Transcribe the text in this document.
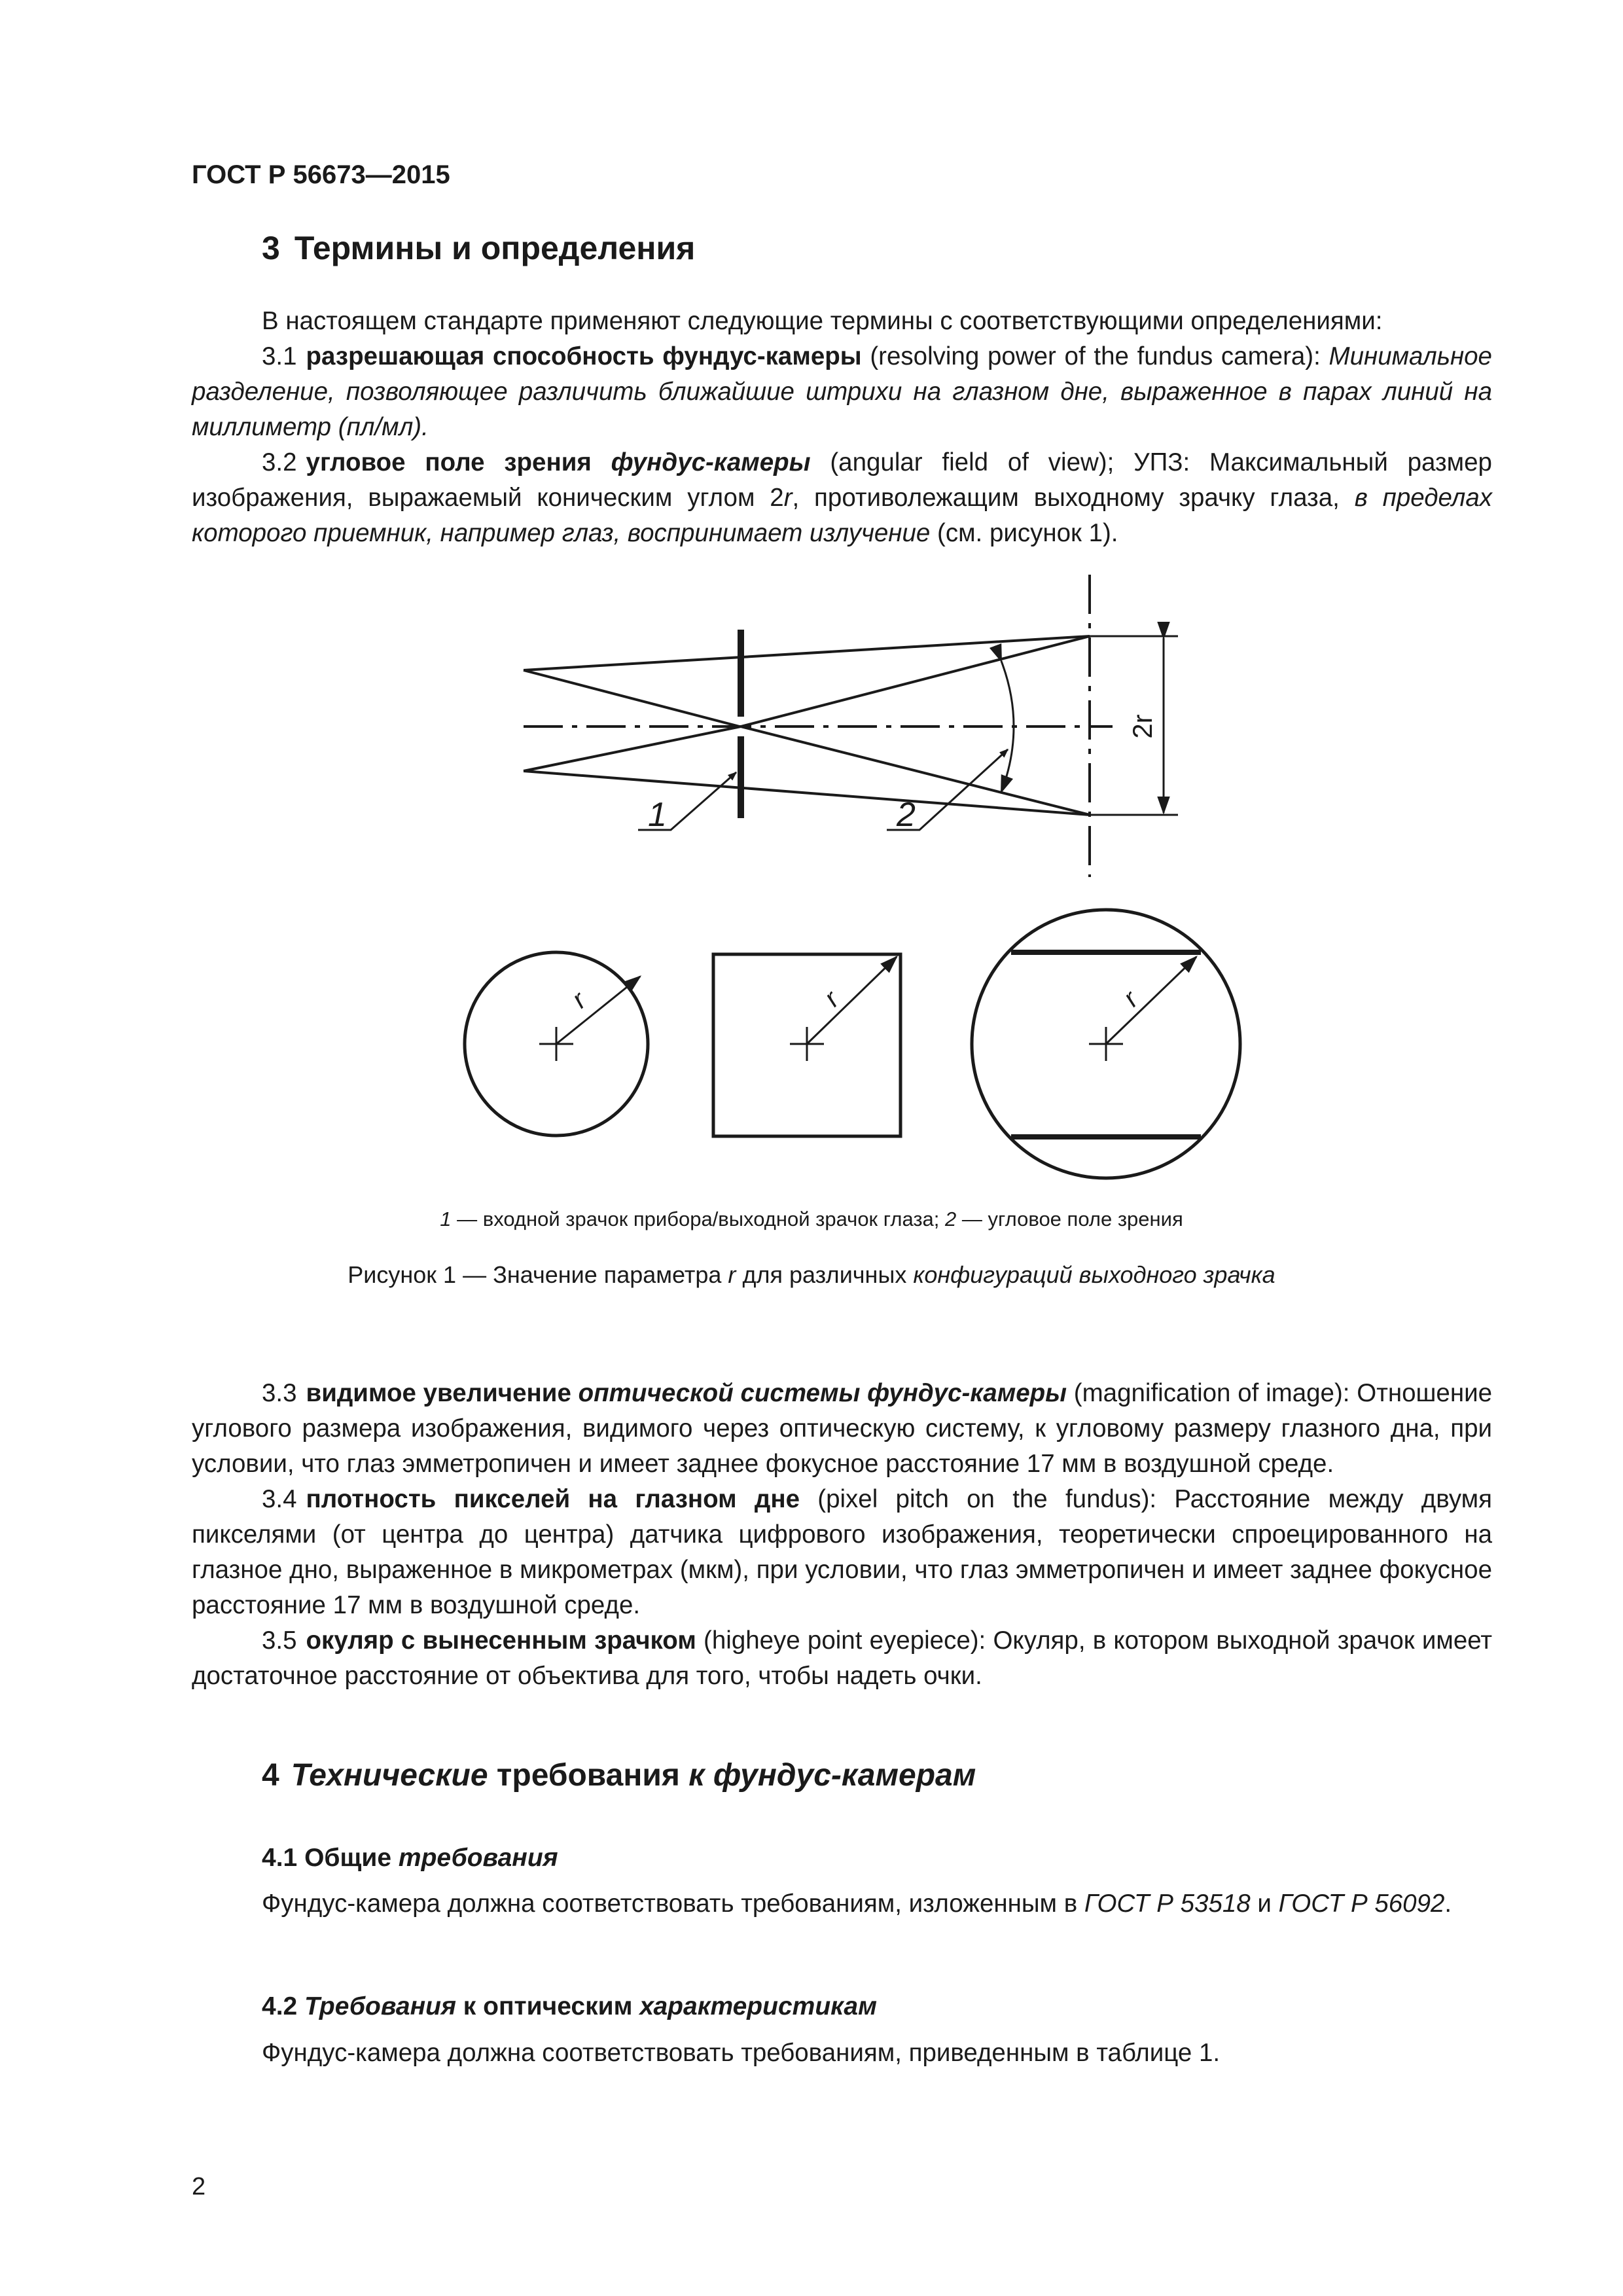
ГОСТ Р 56673—2015
3 Термины и определения

В настоящем стандарте применяют следующие термины с соответствующими определениями:

3.1 разрешающая способность фундус-камеры (resolving power of the fundus camera): Минимальное разделение, позволяющее различить ближайшие штрихи на глазном дне, выраженное в парах линий на миллиметр (пл/мл).

3.2 угловое поле зрения фундус-камеры (angular field of view); УПЗ: Максимальный размер изображения, выражаемый коническим углом 2r, противолежащим выходному зрачку глаза, в пределах которого приемник, например глаз, воспринимает излучение (см. рисунок 1).

1	2
2r
r	r	r
1 — входной зрачок прибора/выходной зрачок глаза; 2 — угловое поле зрения
Рисунок 1 — Значение параметра r для различных конфигураций выходного зрачка

3.3 видимое увеличение оптической системы фундус-камеры (magnification of image): Отношение углового размера изображения, видимого через оптическую систему, к угловому размеру глазного дна, при условии, что глаз эмметропичен и имеет заднее фокусное расстояние 17 мм в воздушной среде.

3.4 плотность пикселей на глазном дне (pixel pitch on the fundus): Расстояние между двумя пикселями (от центра до центра) датчика цифрового изображения, теоретически спроецированного на глазное дно, выраженное в микрометрах (мкм), при условии, что глаз эмметропичен и имеет заднее фокусное расстояние 17 мм в воздушной среде.

3.5 окуляр с вынесенным зрачком (higheye point eyepiece): Окуляр, в котором выходной зрачок имеет достаточное расстояние от объектива для того, чтобы надеть очки.

4 Технические требования к фундус-камерам
4.1 Общие требования

Фундус-камера должна соответствовать требованиям, изложенным в ГОСТ Р 53518 и ГОСТ Р 56092.

4.2 Требования к оптическим характеристикам

Фундус-камера должна соответствовать требованиям, приведенным в таблице 1.

2
